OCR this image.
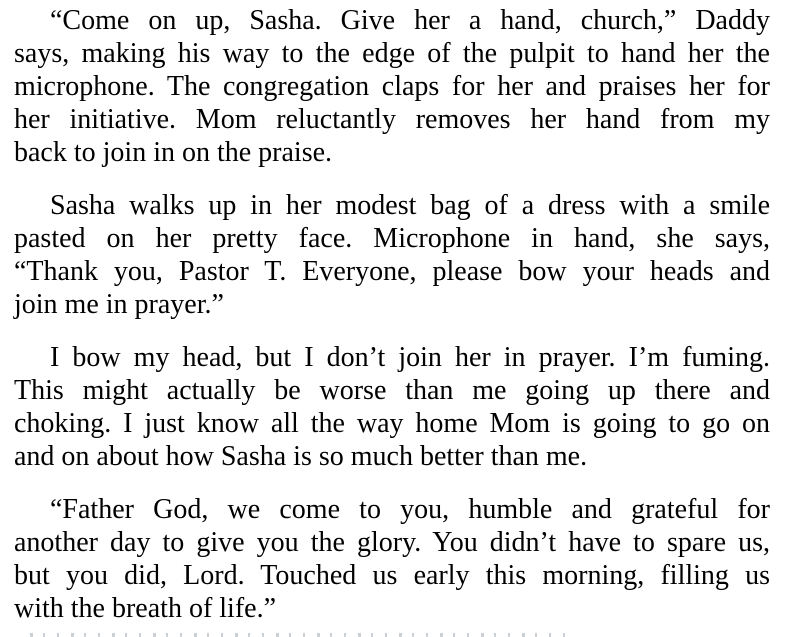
“Come on up, Sasha. Give her a hand, church,” Daddy
says, making his way to the edge of the pulpit to hand her the
microphone. The congregation claps for her and praises her for
her initiative. Mom reluctantly removes her hand from my
back to join in on the praise.
Sasha walks up in her modest bag of a dress with a smile
pasted on her pretty face. Microphone in hand, she says,
“Thank you, Pastor T. Everyone, please bow your heads and
join me in prayer.”
I bow my head, but I don’t join her in prayer. I’m fuming.
This might actually be worse than me going up there and
choking. I just know all the way home Mom is going to go on
and on about how Sasha is so much better than me.
“Father God, we come to you, humble and grateful for
another day to give you the glory. You didn’t have to spare us,
but you did, Lord. Touched us early this morning, filling us
with the breath of life.”
